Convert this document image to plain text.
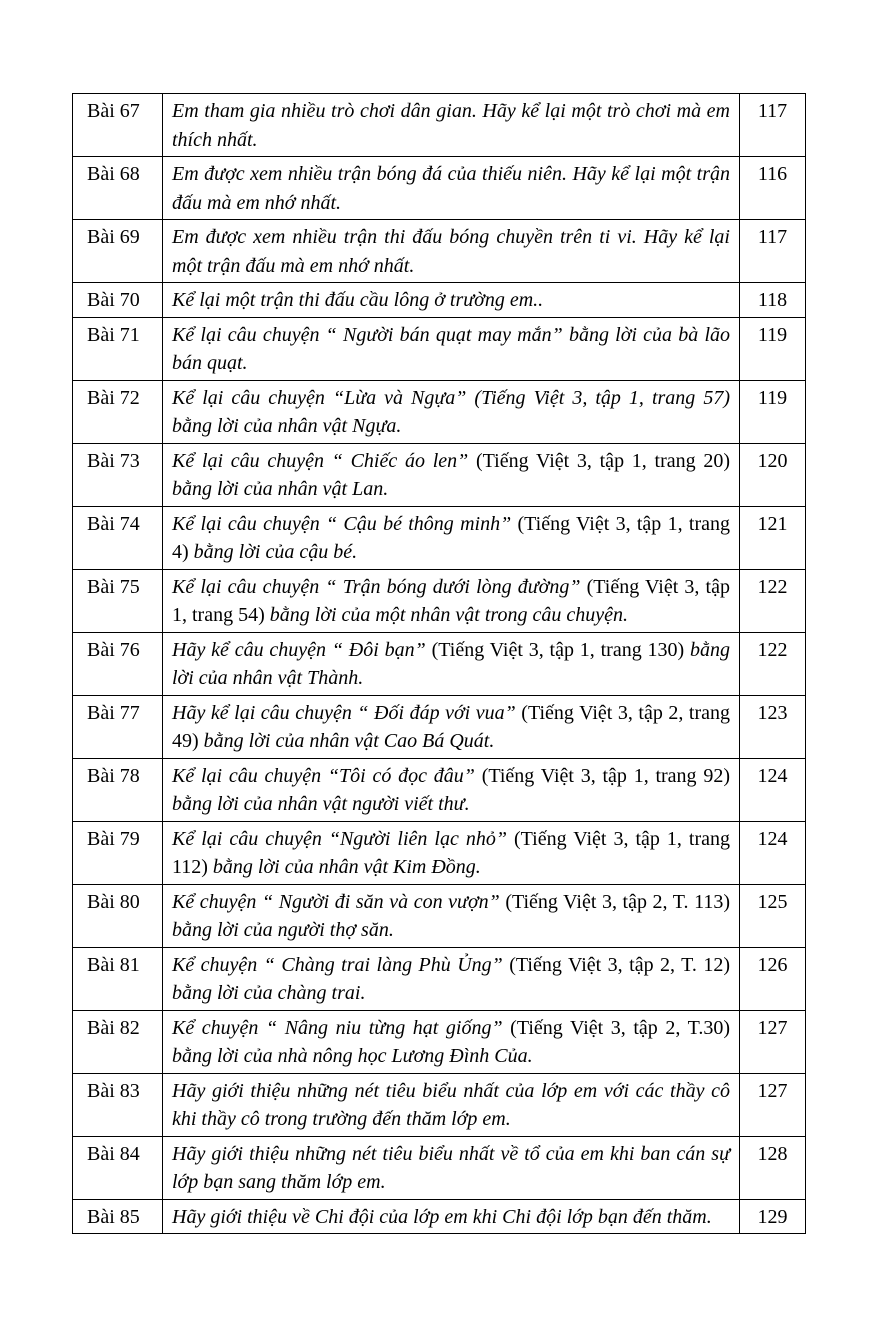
Bài 67	Em tham gia nhiều trò chơi dân gian. Hãy kể lại một trò chơi mà em thích nhất.	117
Bài 68	Em được xem nhiều trận bóng đá của thiếu niên. Hãy kể lại một trận đấu mà em nhớ nhất.	116
Bài 69	Em được xem nhiều trận thi đấu bóng chuyền trên ti vi. Hãy kể lại một trận đấu mà em nhớ nhất.	117
Bài 70	Kể lại một trận thi đấu cầu lông ở trường em..	118
Bài 71	Kể lại câu chuyện “ Người bán quạt may mắn” bằng lời của bà lão bán quạt.	119
Bài 72	Kể lại câu chuyện “Lừa và Ngựa” (Tiếng Việt 3, tập 1, trang 57) bằng lời của nhân vật Ngựa.	119
Bài 73	Kể lại câu chuyện “ Chiếc áo len” (Tiếng Việt 3, tập 1, trang 20) bằng lời của nhân vật Lan.	120
Bài 74	Kể lại câu chuyện “ Cậu bé thông minh” (Tiếng Việt 3, tập 1, trang 4) bằng lời của cậu bé.	121
Bài 75	Kể lại câu chuyện “ Trận bóng dưới lòng đường” (Tiếng Việt 3, tập 1, trang 54) bằng lời của một nhân vật trong câu chuyện.	122
Bài 76	Hãy kể câu chuyện “ Đôi bạn” (Tiếng Việt 3, tập 1, trang 130) bằng lời của nhân vật Thành.	122
Bài 77	Hãy kể lại câu chuyện “ Đối đáp với vua” (Tiếng Việt 3, tập 2, trang 49) bằng lời của nhân vật Cao Bá Quát.	123
Bài 78	Kể lại câu chuyện “Tôi có đọc đâu” (Tiếng Việt 3, tập 1, trang 92) bằng lời của nhân vật người viết thư.	124
Bài 79	Kể lại câu chuyện “Người liên lạc nhỏ” (Tiếng Việt 3, tập 1, trang 112) bằng lời của nhân vật Kim Đồng.	124
Bài 80	Kể chuyện “ Người đi săn và con vượn” (Tiếng Việt 3, tập 2, T. 113) bằng lời của người thợ săn.	125
Bài 81	Kể chuyện “ Chàng trai làng Phù Ủng” (Tiếng Việt 3, tập 2, T. 12) bằng lời của chàng trai.	126
Bài 82	Kể chuyện “ Nâng niu từng hạt giống” (Tiếng Việt 3, tập 2, T.30) bằng lời của nhà nông học Lương Đình Của.	127
Bài 83	Hãy giới thiệu những nét tiêu biểu nhất của lớp em với các thầy cô khi thầy cô trong trường đến thăm lớp em.	127
Bài 84	Hãy giới thiệu những nét tiêu biểu nhất về tổ của em khi ban cán sự lớp bạn sang thăm lớp em.	128
Bài 85	Hãy giới thiệu về Chi đội của lớp em khi Chi đội lớp bạn đến thăm.	129
